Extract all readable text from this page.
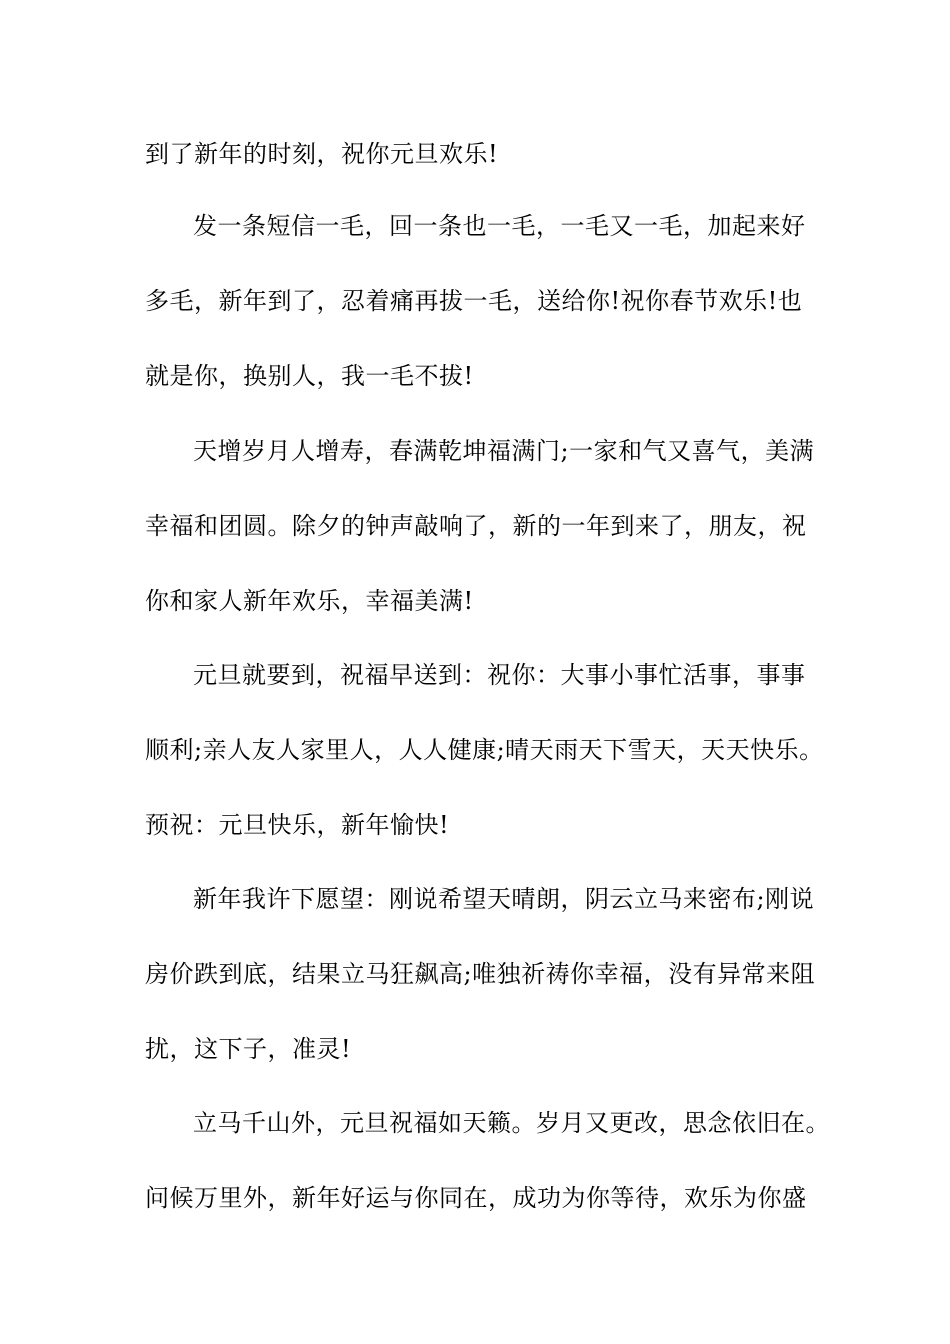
到了新年的时刻，祝你元旦欢乐!
发一条短信一毛，回一条也一毛，一毛又一毛，加起来好
多毛，新年到了，忍着痛再拔一毛，送给你!祝你春节欢乐!也
就是你，换别人，我一毛不拔!
天增岁月人增寿，春满乾坤福满门;一家和气又喜气，美满
幸福和团圆。除夕的钟声敲响了，新的一年到来了，朋友，祝
你和家人新年欢乐，幸福美满!
元旦就要到，祝福早送到：祝你：大事小事忙活事，事事
顺利;亲人友人家里人，人人健康;晴天雨天下雪天，天天快乐。
预祝：元旦快乐，新年愉快!
新年我许下愿望：刚说希望天晴朗，阴云立马来密布;刚说
房价跌到底，结果立马狂飙高;唯独祈祷你幸福，没有异常来阻
扰，这下子，准灵!
立马千山外，元旦祝福如天籁。岁月又更改，思念依旧在。
问候万里外，新年好运与你同在，成功为你等待，欢乐为你盛
